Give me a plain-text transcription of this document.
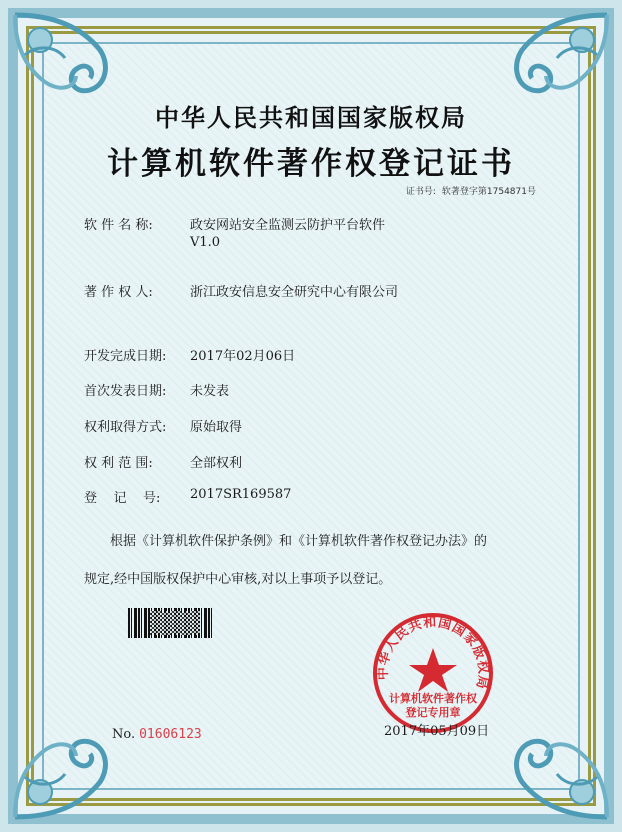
中华人民共和国国家版权局
计算机软件著作权登记证书
证书号: 软著登字第1754871号
软 件 名 称:	政安网站安全监测云防护平台软件
V1.0
著 作 权 人:	浙江政安信息安全研究中心有限公司
开发完成日期:	2017年02月06日
首次发表日期:	未发表
权利取得方式:	原始取得
权 利 范 围:	全部权利
登    记    号:	2017SR169587
根据《计算机软件保护条例》和《计算机软件著作权登记办法》的
规定,经中国版权保护中心审核,对以上事项予以登记。
中华人民共和国国家版权局
计算机软件著作权
登记专用章
2017年05月09日
No. 01606123
